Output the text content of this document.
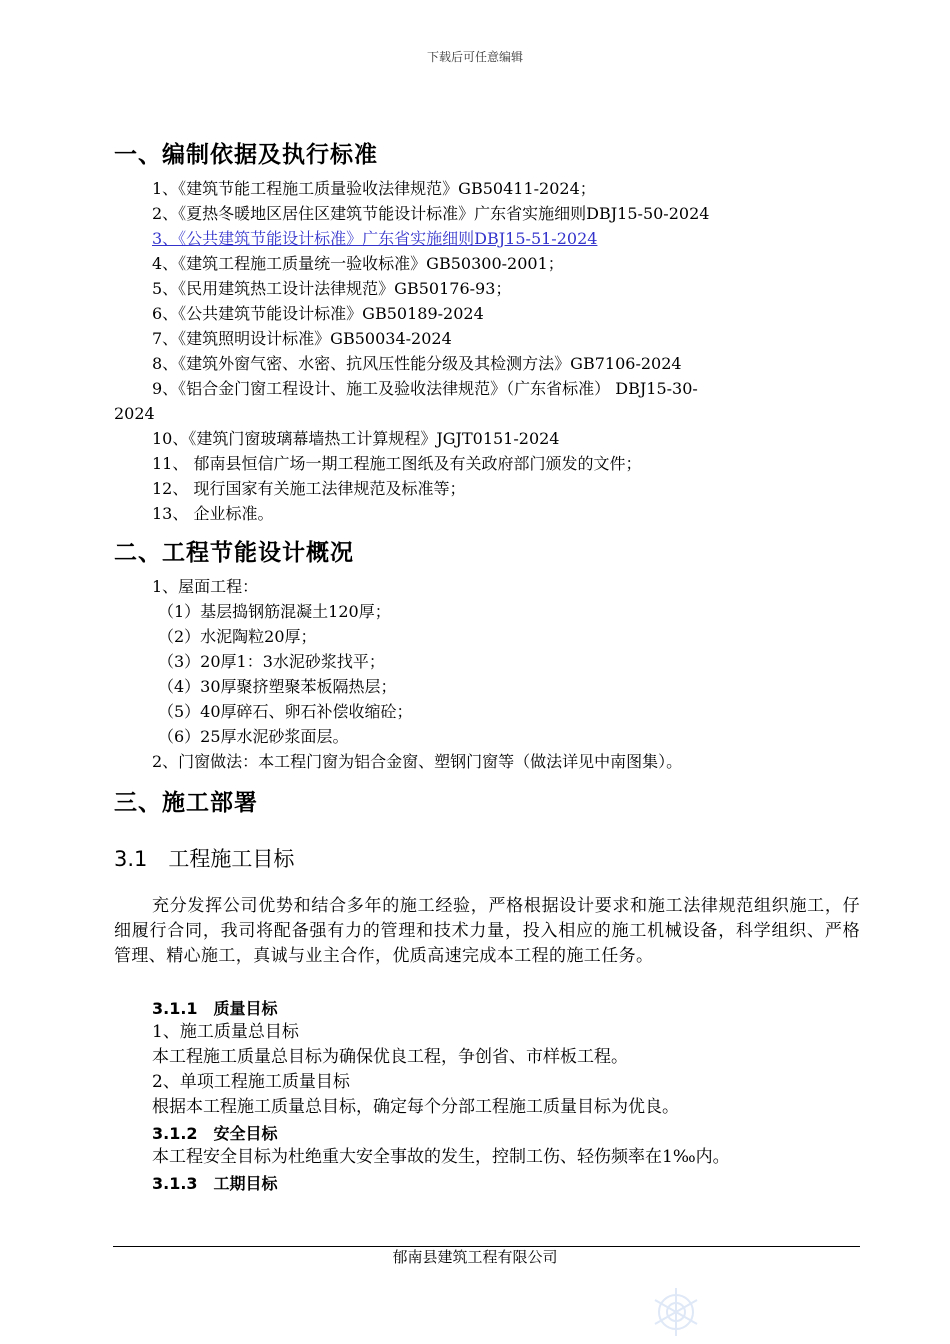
下载后可任意编辑
一、编制依据及执行标准
1、《建筑节能工程施工质量验收法律规范》GB50411-2024；
2、《夏热冬暖地区居住区建筑节能设计标准》广东省实施细则DBJ15-50-2024
3、《公共建筑节能设计标准》广东省实施细则DBJ15-51-2024
4、《建筑工程施工质量统一验收标准》GB50300-2001；
5、《民用建筑热工设计法律规范》GB50176-93；
6、《公共建筑节能设计标准》GB50189-2024
7、《建筑照明设计标准》GB50034-2024
8、《建筑外窗气密、水密、抗风压性能分级及其检测方法》GB7106-2024
9、《铝合金门窗工程设计、施工及验收法律规范》（广东省标准） DBJ15-30-
2024
10、《建筑门窗玻璃幕墙热工计算规程》JGJT0151-2024
11、 郁南县恒信广场一期工程施工图纸及有关政府部门颁发的文件；
12、 现行国家有关施工法律规范及标准等；
13、 企业标准。
二、工程节能设计概况
1、屋面工程：
（1）基层捣钢筋混凝土120厚；
（2）水泥陶粒20厚；
（3）20厚1：3水泥砂浆找平；
（4）30厚聚挤塑聚苯板隔热层；
（5）40厚碎石、卵石补偿收缩砼；
（6）25厚水泥砂浆面层。
2、门窗做法：本工程门窗为铝合金窗、塑钢门窗等（做法详见中南图集）。
三、施工部署
3.1　工程施工目标
充分发挥公司优势和结合多年的施工经验，严格根据设计要求和施工法律规范组织施工，仔细履行合同，我司将配备强有力的管理和技术力量，投入相应的施工机械设备，科学组织、严格管理、精心施工，真诚与业主合作，优质高速完成本工程的施工任务。
3.1.1　质量目标
1、施工质量总目标
本工程施工质量总目标为确保优良工程，争创省、市样板工程。
2、单项工程施工质量目标
根据本工程施工质量总目标，确定每个分部工程施工质量目标为优良。
3.1.2　安全目标
本工程安全目标为杜绝重大安全事故的发生，控制工伤、轻伤频率在1‰内。
3.1.3　工期目标
郁南县建筑工程有限公司
